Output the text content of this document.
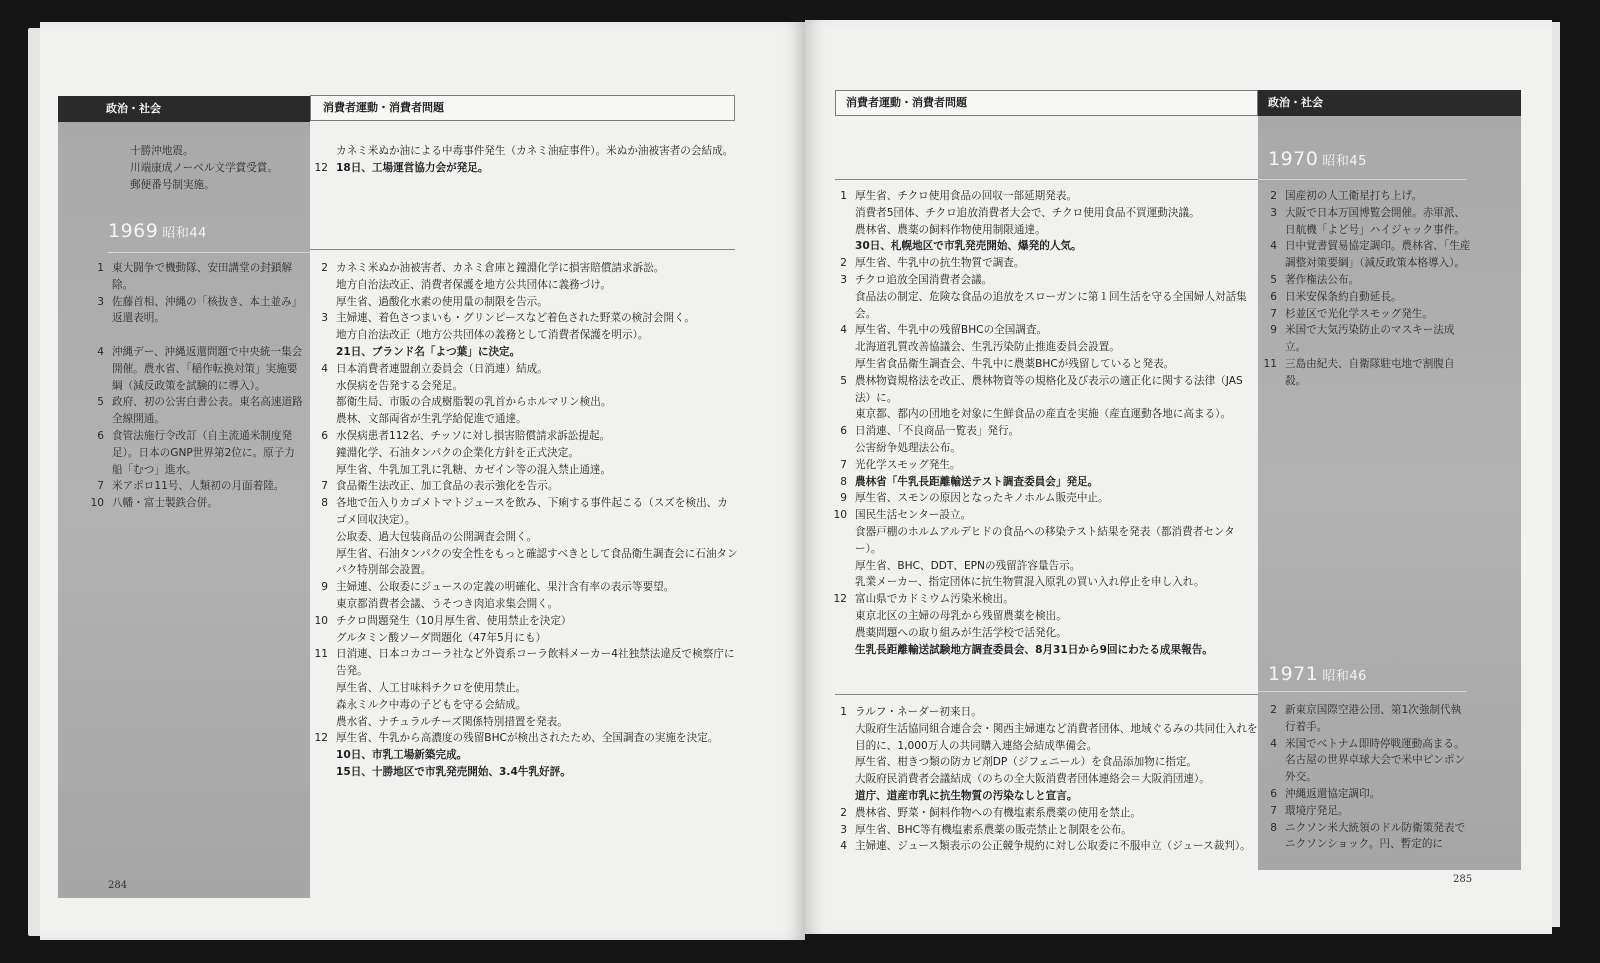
政治・社会	消費者運動・消費者問題
十勝沖地震。
川端康成ノーベル文学賞受賞。
郵便番号制実施。
カネミ米ぬか油による中毒事件発生（カネミ油症事件）。米ぬか油被害者の会結成。
12 18日、工場運営協力会が発足。
1969 昭和44
1 東大闘争で機動隊、安田講堂の封鎖解除。
3 佐藤首相、沖縄の「核抜き、本土並み」返還表明。
4 沖縄デー、沖縄返還問題で中央統一集会開催。農水省、「稲作転換対策」実施要綱（減反政策を試験的に導入）。
5 政府、初の公害白書公表。東名高速道路全線開通。
6 食管法施行令改訂（自主流通米制度発足）。日本のGNP世界第2位に。原子力船「むつ」進水。
7 米アポロ11号、人類初の月面着陸。
10 八幡・富士製鉄合併。
2 カネミ米ぬか油被害者、カネミ倉庫と鐘淵化学に損害賠償請求訴訟。
地方自治法改正、消費者保護を地方公共団体に義務づけ。
厚生省、過酸化水素の使用量の制限を告示。
3 主婦連、着色さつまいも・グリンピースなど着色された野菜の検討会開く。
地方自治法改正（地方公共団体の義務として消費者保護を明示）。
21日、ブランド名「よつ葉」に決定。
4 日本消費者連盟創立委員会（日消連）結成。
水俣病を告発する会発足。
都衛生局、市販の合成樹脂製の乳首からホルマリン検出。
農林、文部両省が生乳学給促進で通達。
6 水俣病患者112名、チッソに対し損害賠償請求訴訟提起。
鐘淵化学、石油タンパクの企業化方針を正式決定。
厚生省、牛乳加工乳に乳糖、カゼイン等の混入禁止通達。
7 食品衛生法改正、加工食品の表示強化を告示。
8 各地で缶入りカゴメトマトジュースを飲み、下痢する事件起こる（スズを検出、カゴメ回収決定）。
公取委、過大包装商品の公開調査会開く。
厚生省、石油タンパクの安全性をもっと確認すべきとして食品衛生調査会に石油タンパク特別部会設置。
9 主婦連、公取委にジュースの定義の明確化、果汁含有率の表示等要望。
東京都消費者会議、うそつき肉追求集会開く。
10 チクロ問題発生（10月厚生省、使用禁止を決定）
グルタミン酸ソーダ問題化（47年5月にも）
11 日消連、日本コカコーラ社など外資系コーラ飲料メーカー4社独禁法違反で検察庁に告発。
厚生省、人工甘味料チクロを使用禁止。
森永ミルク中毒の子どもを守る会結成。
農水省、ナチュラルチーズ関係特別措置を発表。
12 厚生省、牛乳から高濃度の残留BHCが検出されたため、全国調査の実施を決定。
10日、市乳工場新築完成。
15日、十勝地区で市乳発売開始、3.4牛乳好評。
284
政治・社会
消費者運動・消費者問題
1970 昭和45
1 厚生省、チクロ使用食品の回収一部延期発表。
消費者5団体、チクロ追放消費者大会で、チクロ使用食品不買運動決議。
農林省、農薬の飼料作物使用制限通達。
30日、札幌地区で市乳発売開始、爆発的人気。
2 厚生省、牛乳中の抗生物質で調査。
3 チクロ追放全国消費者会議。
食品法の制定、危険な食品の追放をスローガンに第１回生活を守る全国婦人対話集会。
4 厚生省、牛乳中の残留BHCの全国調査。
北海道乳質改善協議会、生乳汚染防止推進委員会設置。
厚生省食品衛生調査会、牛乳中に農薬BHCが残留していると発表。
5 農林物資規格法を改正、農林物資等の規格化及び表示の適正化に関する法律（JAS法）に。
東京都、都内の団地を対象に生鮮食品の産直を実施（産直運動各地に高まる）。
6 日消連、「不良商品一覧表」発行。
公害紛争処理法公布。
7 光化学スモッグ発生。
8 農林省「牛乳長距離輸送テスト調査委員会」発足。
9 厚生省、スモンの原因となったキノホルム販売中止。
10 国民生活センター設立。
食器戸棚のホルムアルデヒドの食品への移染テスト結果を発表（都消費者センター）。
厚生省、BHC、DDT、EPNの残留許容量告示。
乳業メーカー、指定団体に抗生物質混入原乳の買い入れ停止を申し入れ。
12 富山県でカドミウム汚染米検出。
東京北区の主婦の母乳から残留農薬を検出。
農薬問題への取り組みが生活学校で活発化。
生乳長距離輸送試験地方調査委員会、8月31日から9回にわたる成果報告。
2 国産初の人工衛星打ち上げ。
3 大阪で日本万国博覧会開催。赤軍派、日航機「よど号」ハイジャック事件。
4 日中覚書貿易協定調印。農林省、「生産調整対策要綱」（減反政策本格導入）。
5 著作権法公布。
6 日米安保条約自動延長。
7 杉並区で光化学スモッグ発生。
9 米国で大気汚染防止のマスキー法成立。
11 三島由紀夫、自衛隊駐屯地で割腹自殺。
1971 昭和46
1 ラルフ・ネーダー初来日。
大阪府生活協同組合連合会・関西主婦連など消費者団体、地域ぐるみの共同仕入れを目的に、1,000万人の共同購入連絡会結成準備会。
厚生省、柑きつ類の防カビ剤DP（ジフェニール）を食品添加物に指定。
大阪府民消費者会議結成（のちの全大阪消費者団体連絡会＝大阪消団連）。
道庁、道産市乳に抗生物質の汚染なしと宣言。
2 農林省、野菜・飼料作物への有機塩素系農薬の使用を禁止。
3 厚生省、BHC等有機塩素系農薬の販売禁止と制限を公布。
4 主婦連、ジュース類表示の公正競争規約に対し公取委に不服申立（ジュース裁判）。
2 新東京国際空港公団、第1次強制代執行着手。
4 米国でベトナム即時停戦運動高まる。名古屋の世界卓球大会で米中ピンポン外交。
6 沖縄返還協定調印。
7 環境庁発足。
8 ニクソン米大統領のドル防衛策発表でニクソンショック。円、暫定的に
285
